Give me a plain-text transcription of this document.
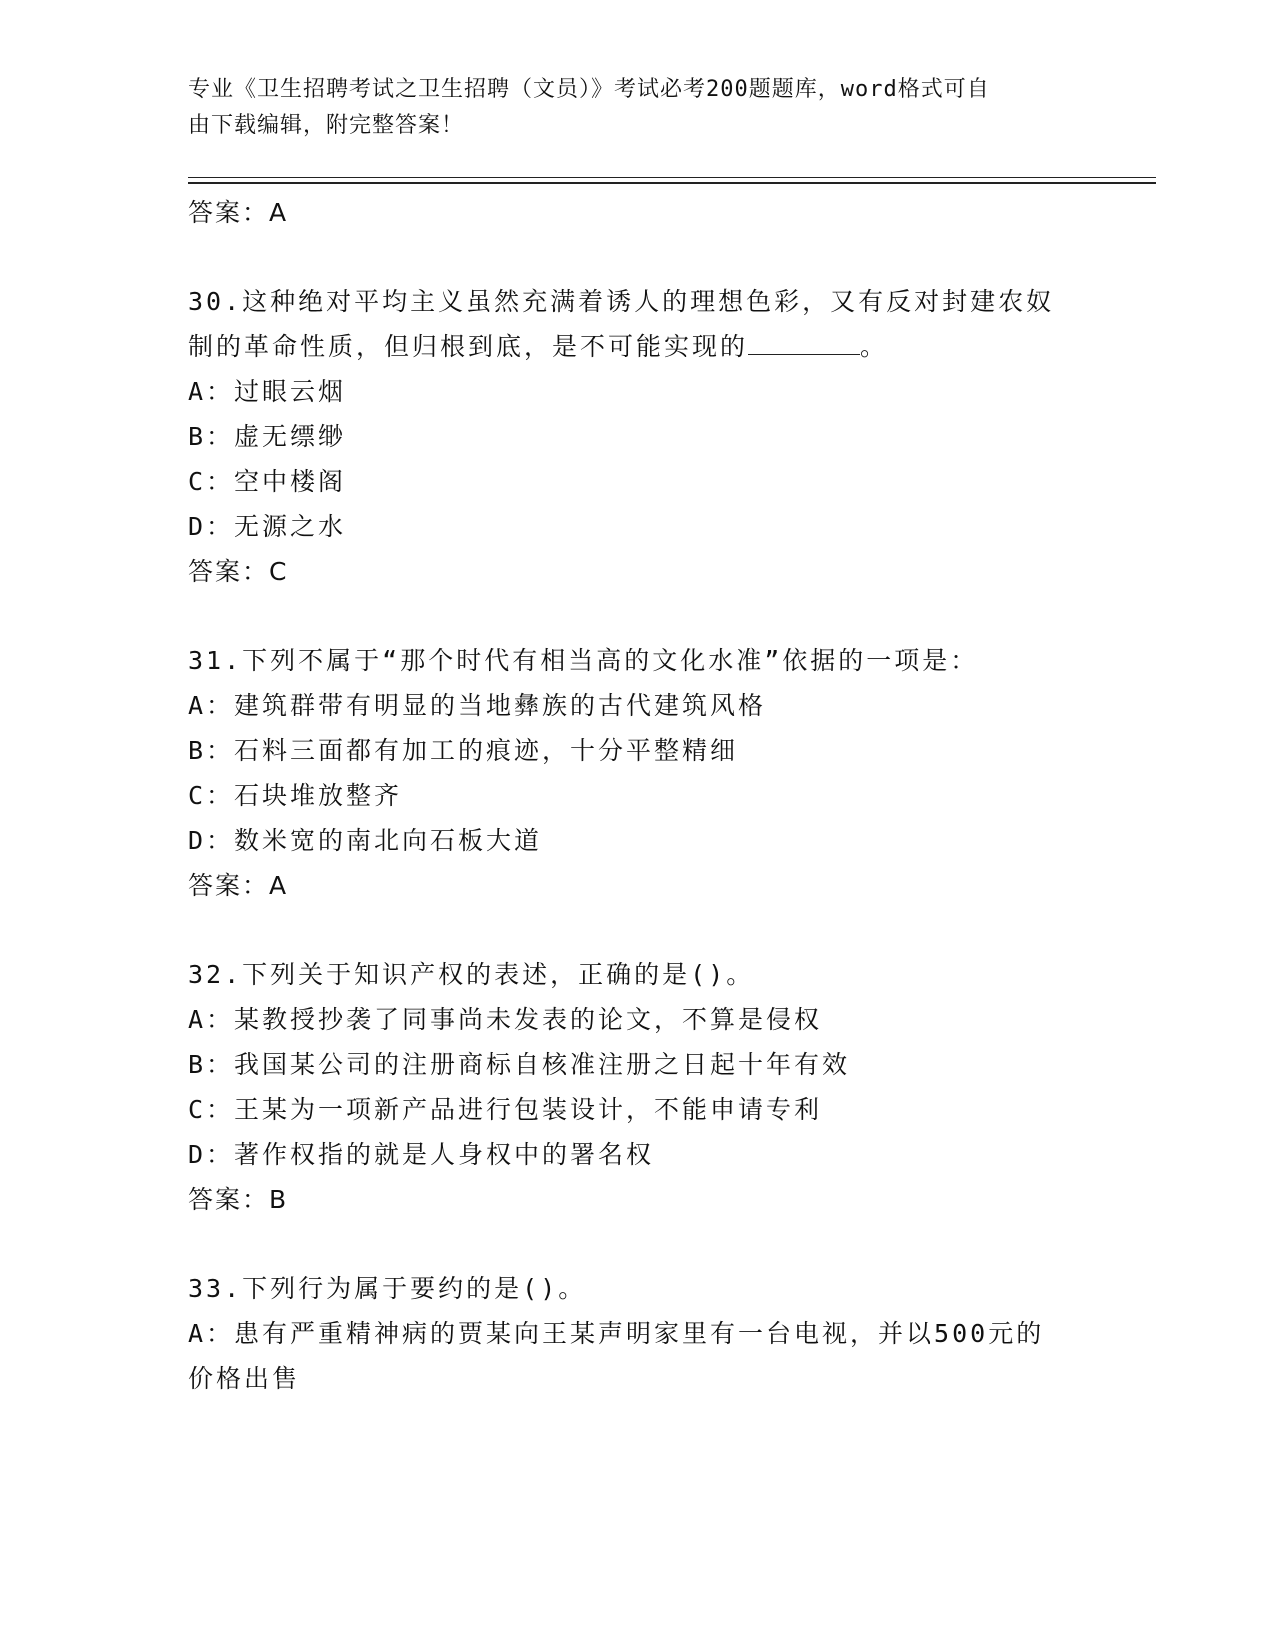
专业《卫生招聘考试之卫生招聘（文员）》考试必考200题题库，word格式可自
由下载编辑，附完整答案！
答案：A
30.这种绝对平均主义虽然充满着诱人的理想色彩，又有反对封建农奴
制的革命性质，但归根到底，是不可能实现的	。
A：过眼云烟
B：虚无缥缈
C：空中楼阁
D：无源之水
答案：C
31.下列不属于“那个时代有相当高的文化水准”依据的一项是：
A：建筑群带有明显的当地彝族的古代建筑风格
B：石料三面都有加工的痕迹，十分平整精细
C：石块堆放整齐
D：数米宽的南北向石板大道
答案：A
32.下列关于知识产权的表述，正确的是()。
A：某教授抄袭了同事尚未发表的论文，不算是侵权
B：我国某公司的注册商标自核准注册之日起十年有效
C：王某为一项新产品进行包装设计，不能申请专利
D：著作权指的就是人身权中的署名权
答案：B
33.下列行为属于要约的是()。
A：患有严重精神病的贾某向王某声明家里有一台电视，并以500元的
价格出售
